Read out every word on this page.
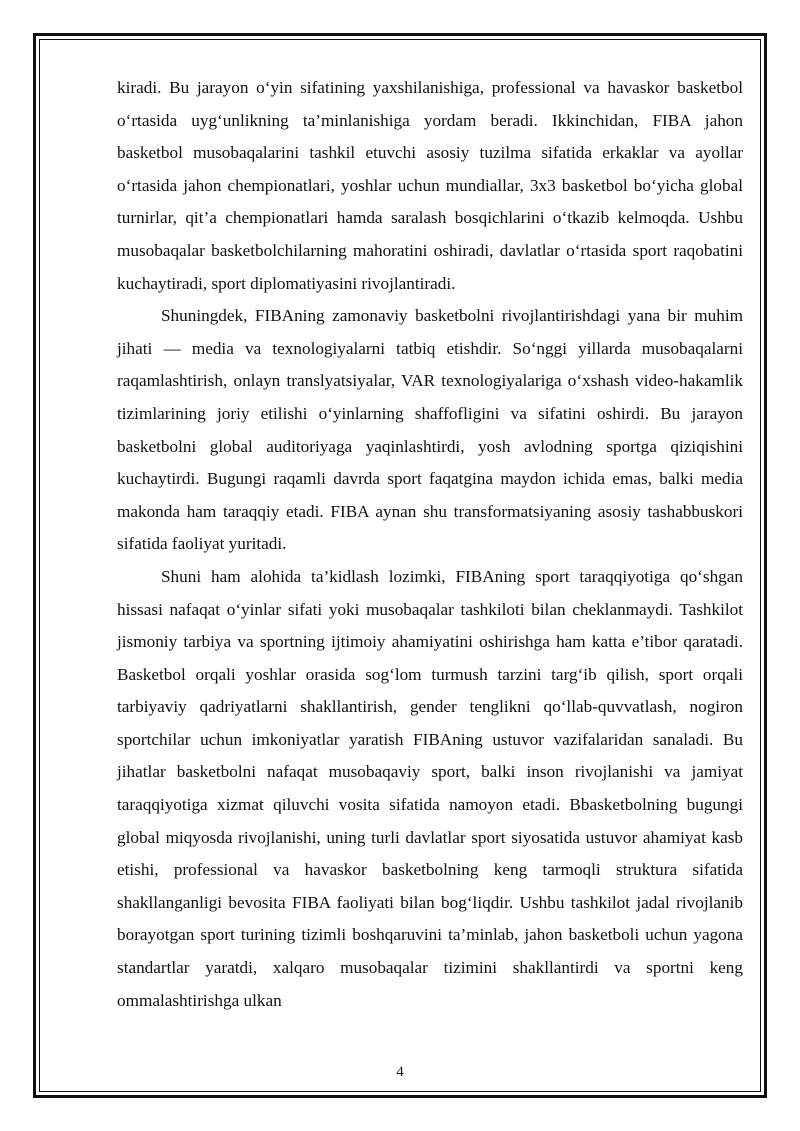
kiradi. Bu jarayon o‘yin sifatining yaxshilanishiga, professional va havaskor basketbol o‘rtasida uyg‘unlikning ta’minlanishiga yordam beradi. Ikkinchidan, FIBA jahon basketbol musobaqalarini tashkil etuvchi asosiy tuzilma sifatida erkaklar va ayollar o‘rtasida jahon chempionatlari, yoshlar uchun mundiallar, 3x3 basketbol bo‘yicha global turnirlar, qit’a chempionatlari hamda saralash bosqichlarini o‘tkazib kelmoqda. Ushbu musobaqalar basketbolchilarning mahoratini oshiradi, davlatlar o‘rtasida sport raqobatini kuchaytiradi, sport diplomatiyasini rivojlantiradi.

Shuningdek, FIBAning zamonaviy basketbolni rivojlantirishdagi yana bir muhim jihati — media va texnologiyalarni tatbiq etishdir. So‘nggi yillarda musobaqalarni raqamlashtirish, onlayn translyatsiyalar, VAR texnologiyalariga o‘xshash video-hakamlik tizimlarining joriy etilishi o‘yinlarning shaffofligini va sifatini oshirdi. Bu jarayon basketbolni global auditoriyaga yaqinlashtirdi, yosh avlodning sportga qiziqishini kuchaytirdi. Bugungi raqamli davrda sport faqatgina maydon ichida emas, balki media makonda ham taraqqiy etadi. FIBA aynan shu transformatsiyaning asosiy tashabbuskori sifatida faoliyat yuritadi.

Shuni ham alohida ta’kidlash lozimki, FIBAning sport taraqqiyotiga qo‘shgan hissasi nafaqat o‘yinlar sifati yoki musobaqalar tashkiloti bilan cheklanmaydi. Tashkilot jismoniy tarbiya va sportning ijtimoiy ahamiyatini oshirishga ham katta e’tibor qaratadi. Basketbol orqali yoshlar orasida sog‘lom turmush tarzini targ‘ib qilish, sport orqali tarbiyaviy qadriyatlarni shakllantirish, gender tenglikni qo‘llab-quvvatlash, nogiron sportchilar uchun imkoniyatlar yaratish FIBAning ustuvor vazifalaridan sanaladi. Bu jihatlar basketbolni nafaqat musobaqaviy sport, balki inson rivojlanishi va jamiyat taraqqiyotiga xizmat qiluvchi vosita sifatida namoyon etadi. Bbasketbolning bugungi global miqyosda rivojlanishi, uning turli davlatlar sport siyosatida ustuvor ahamiyat kasb etishi, professional va havaskor basketbolning keng tarmoqli struktura sifatida shakllanganligi bevosita FIBA faoliyati bilan bog‘liqdir. Ushbu tashkilot jadal rivojlanib borayotgan sport turining tizimli boshqaruvini ta’minlab, jahon basketboli uchun yagona standartlar yaratdi, xalqaro musobaqalar tizimini shakllantirdi va sportni keng ommalashtirishga ulkan

4
